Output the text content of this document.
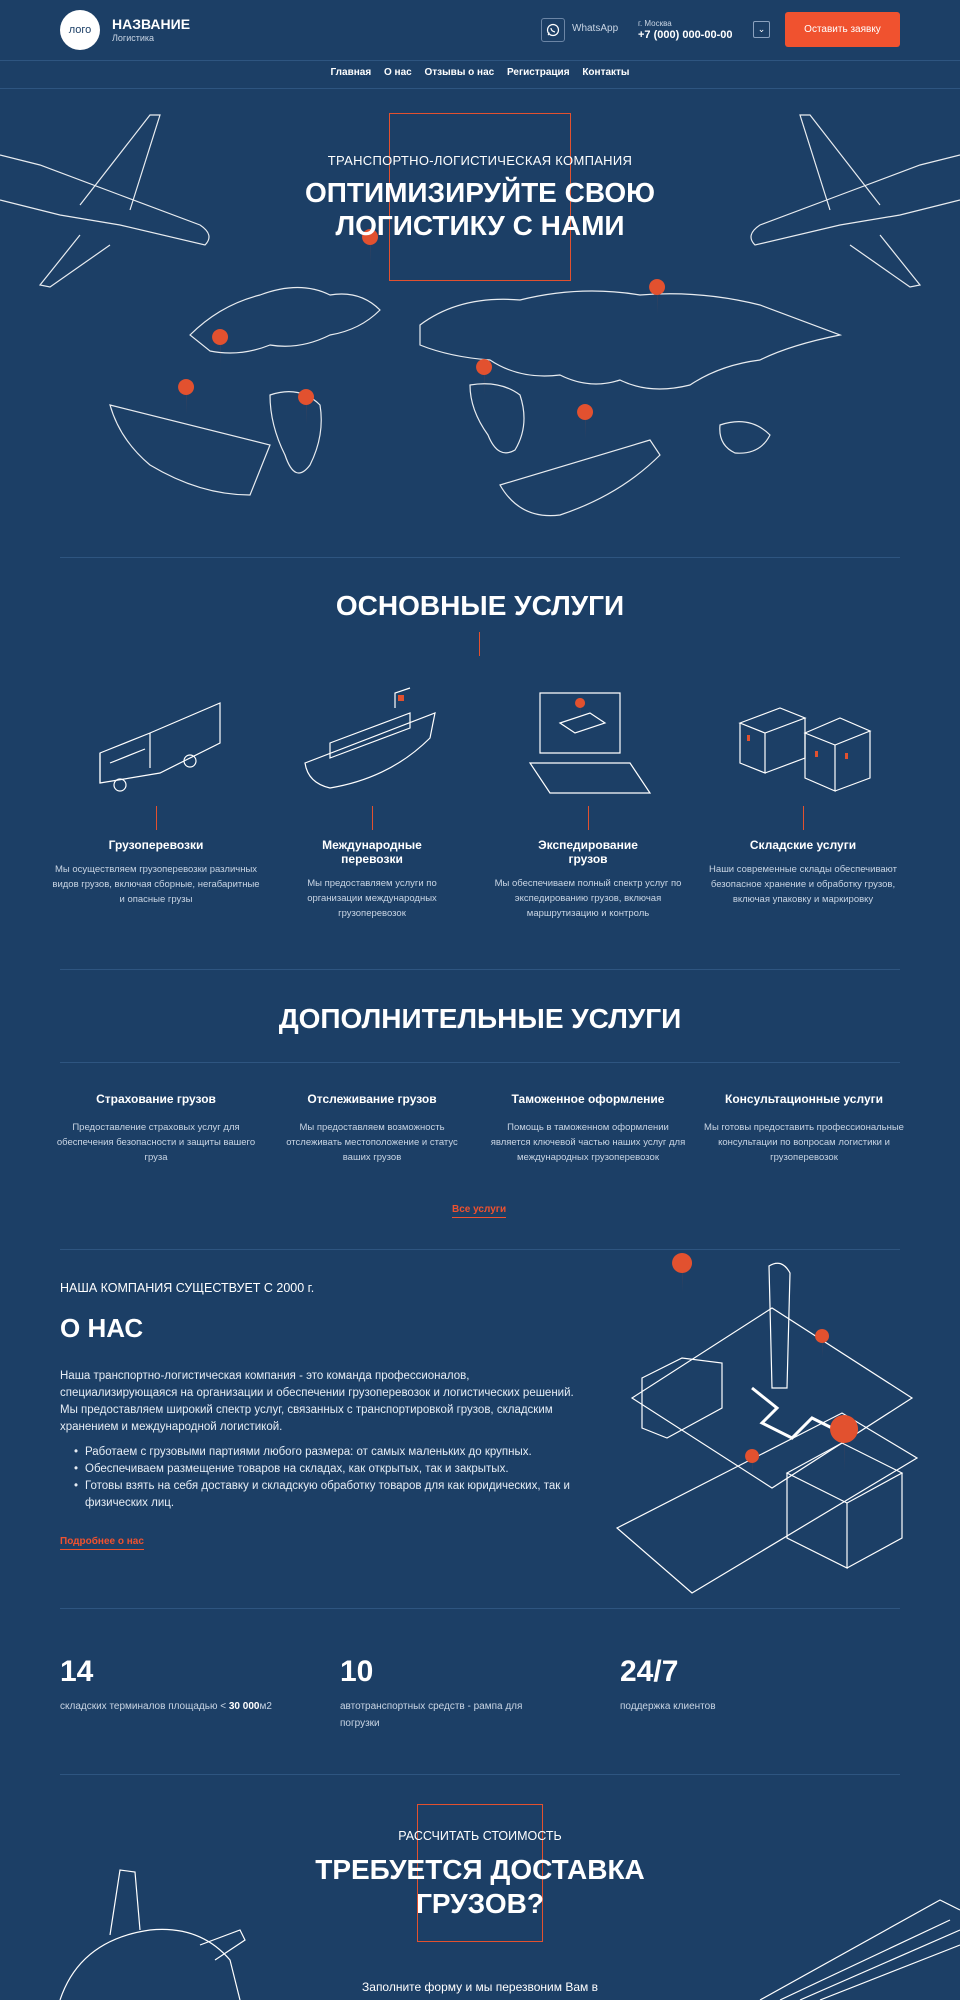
лого	НАЗВАНИЕ
Логистика
WhatsApp г. Москва
+7 (000) 000-00-00	⌄	Оставить заявку
Главная О нас Отзывы о нас Регистрация Контакты
ТРАНСПОРТНО-ЛОГИСТИЧЕСКАЯ КОМПАНИЯ
ОПТИМИЗИРУЙТЕ СВОЮ ЛОГИСТИКУ С НАМИ
ОСНОВНЫЕ УСЛУГИ
Грузоперевозки
Мы осуществляем грузоперевозки различных видов грузов, включая сборные, негабаритные и опасные грузы
Международные перевозки
Мы предоставляем услуги по организации международных грузоперевозок
Экспедирование грузов
Мы обеспечиваем полный спектр услуг по экспедированию грузов, включая маршрутизацию и контроль
Складские услуги
Наши современные склады обеспечивают безопасное хранение и обработку грузов, включая упаковку и маркировку
ДОПОЛНИТЕЛЬНЫЕ УСЛУГИ
Страхование грузов
Предоставление страховых услуг для обеспечения безопасности и защиты вашего груза
Отслеживание грузов
Мы предоставляем возможность отслеживать местоположение и статус ваших грузов
Таможенное оформление
Помощь в таможенном оформлении является ключевой частью наших услуг для международных грузоперевозок
Консультационные услуги
Мы готовы предоставить профессиональные консультации по вопросам логистики и грузоперевозок
Все услуги
НАША КОМПАНИЯ СУЩЕСТВУЕТ С 2000 г.
О НАС
Наша транспортно-логистическая компания - это команда профессионалов, специализирующаяся на организации и обеспечении грузоперевозок и логистических решений. Мы предоставляем широкий спектр услуг, связанных с транспортировкой грузов, складским хранением и международной логистикой.
• Работаем с грузовыми партиями любого размера: от самых маленьких до крупных.
• Обеспечиваем размещение товаров на складах, как открытых, так и закрытых.
• Готовы взять на себя доставку и складскую обработку товаров для как юридических, так и физических лиц.
Подробнее о нас
14
складских терминалов площадью < 30 000м2
10
автотранспортных средств - рампа для погрузки
24/7
поддержка клиентов
РАССЧИТАТЬ СТОИМОСТЬ
ТРЕБУЕТСЯ ДОСТАВКА ГРУЗОВ?
Заполните форму и мы перезвоним Вам в
